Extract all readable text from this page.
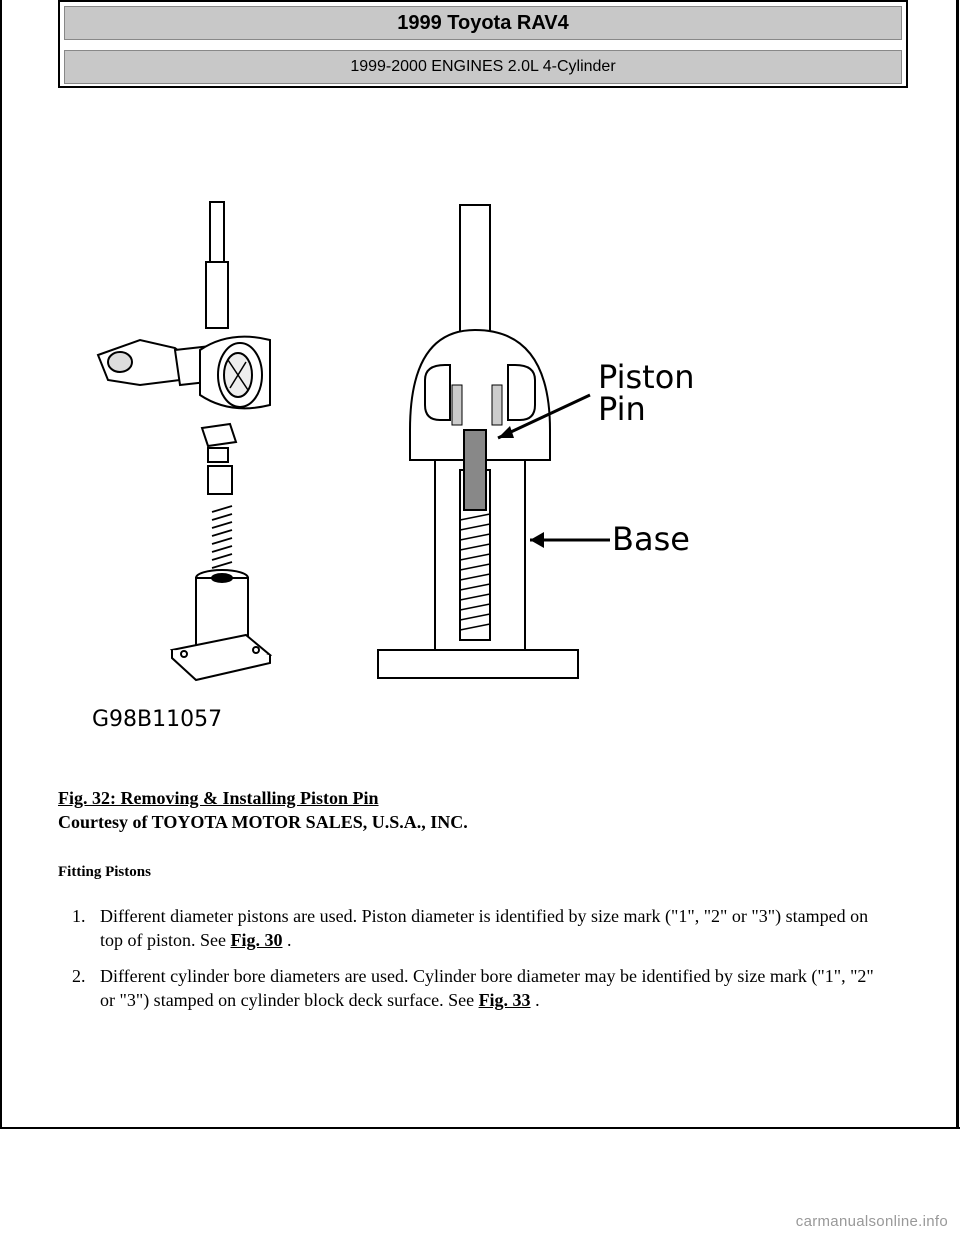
1999 Toyota RAV4
1999-2000 ENGINES 2.0L 4-Cylinder
Piston
Pin
Base
G98B11057
Fig. 32: Removing & Installing Piston Pin
Courtesy of TOYOTA MOTOR SALES, U.S.A., INC.
Fitting Pistons
1. Different diameter pistons are used. Piston diameter is identified by size mark ("1", "2" or "3") stamped on top of piston. See Fig. 30 .
2. Different cylinder bore diameters are used. Cylinder bore diameter may be identified by size mark ("1", "2" or "3") stamped on cylinder block deck surface. See Fig. 33 .
carmanualsonline.info
